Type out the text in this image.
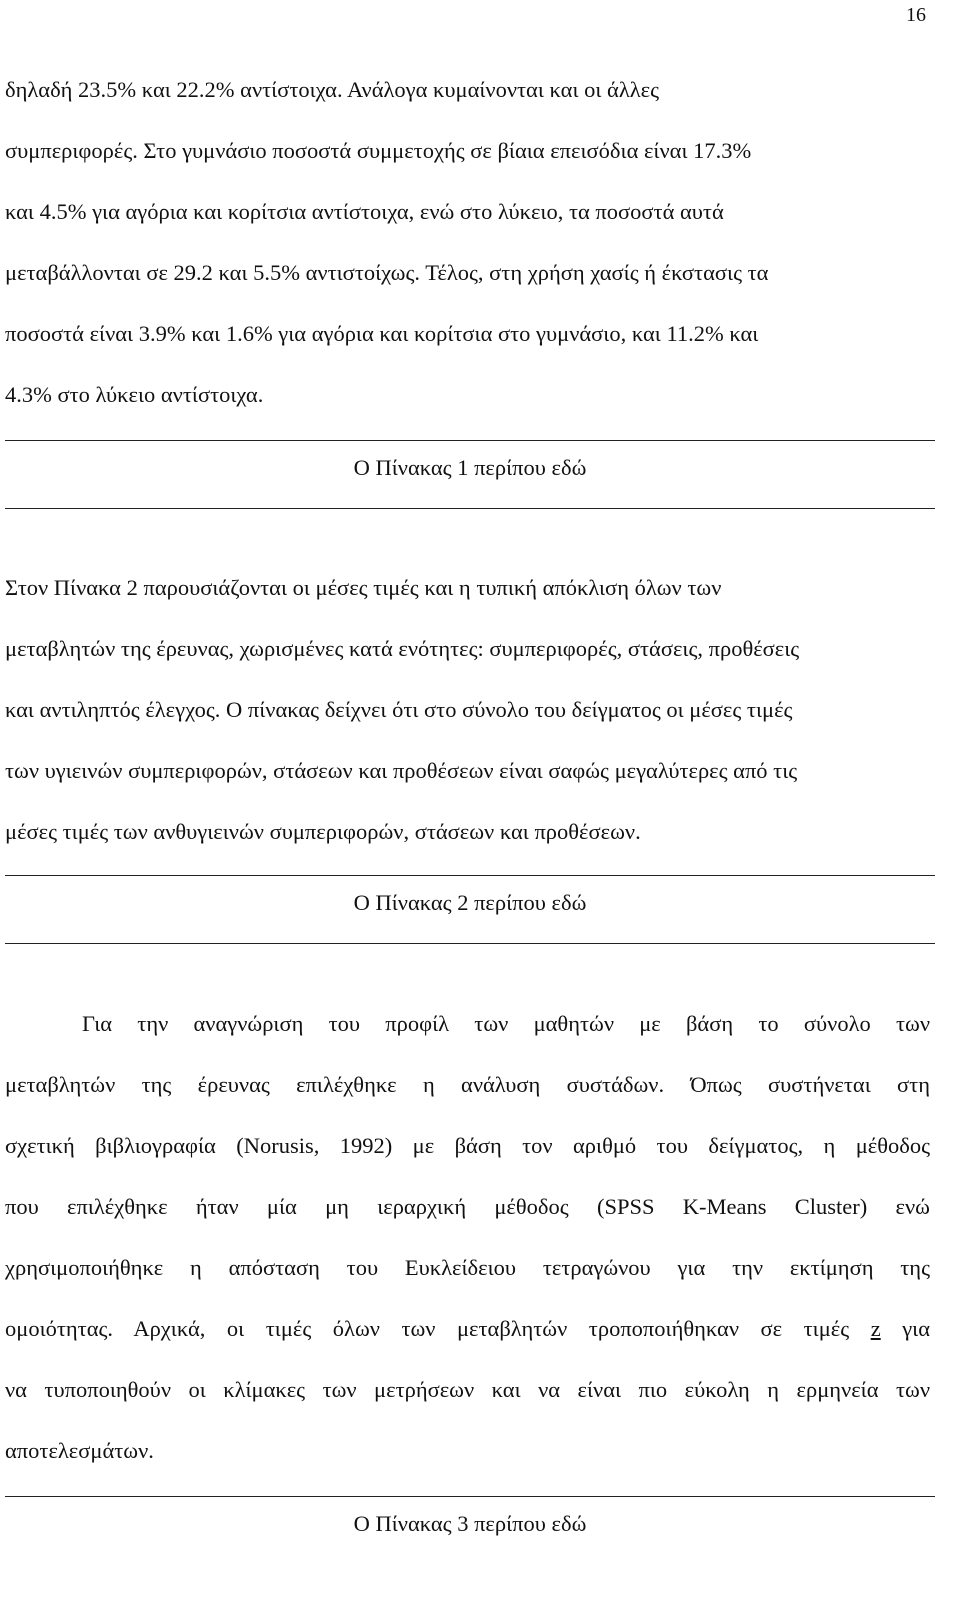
16
δηλαδή 23.5% και 22.2% αντίστοιχα. Ανάλογα κυμαίνονται και οι άλλες
συμπεριφορές. Στο γυμνάσιο ποσοστά συμμετοχής σε βίαια επεισόδια είναι 17.3%
και 4.5% για αγόρια και κορίτσια αντίστοιχα, ενώ στο λύκειο, τα ποσοστά αυτά
μεταβάλλονται σε 29.2 και 5.5% αντιστοίχως. Τέλος, στη χρήση χασίς ή έκστασις τα
ποσοστά είναι 3.9% και 1.6% για αγόρια και κορίτσια στο γυμνάσιο, και 11.2% και
4.3% στο λύκειο αντίστοιχα.
Ο Πίνακας 1 περίπου εδώ
Στον Πίνακα 2 παρουσιάζονται οι μέσες τιμές και η τυπική απόκλιση όλων των
μεταβλητών της έρευνας, χωρισμένες κατά ενότητες: συμπεριφορές, στάσεις, προθέσεις
και αντιληπτός έλεγχος. Ο πίνακας δείχνει ότι στο σύνολο του δείγματος οι μέσες τιμές
των υγιεινών συμπεριφορών, στάσεων και προθέσεων είναι σαφώς μεγαλύτερες από τις
μέσες τιμές των ανθυγιεινών συμπεριφορών, στάσεων και προθέσεων.
Ο Πίνακας 2 περίπου εδώ
Για την αναγνώριση του προφίλ των μαθητών με βάση το σύνολο των
μεταβλητών της έρευνας επιλέχθηκε η ανάλυση συστάδων. Όπως συστήνεται στη
σχετική βιβλιογραφία (Norusis, 1992) με βάση τον αριθμό του δείγματος, η μέθοδος
που επιλέχθηκε ήταν μία μη ιεραρχική μέθοδος (SPSS K-Means Cluster) ενώ
χρησιμοποιήθηκε η απόσταση του Ευκλείδειου τετραγώνου για την εκτίμηση της
ομοιότητας. Αρχικά, οι τιμές όλων των μεταβλητών τροποποιήθηκαν σε τιμές z για
να τυποποιηθούν οι κλίμακες των μετρήσεων και να είναι πιο εύκολη η ερμηνεία των
αποτελεσμάτων.
Ο Πίνακας 3 περίπου εδώ
